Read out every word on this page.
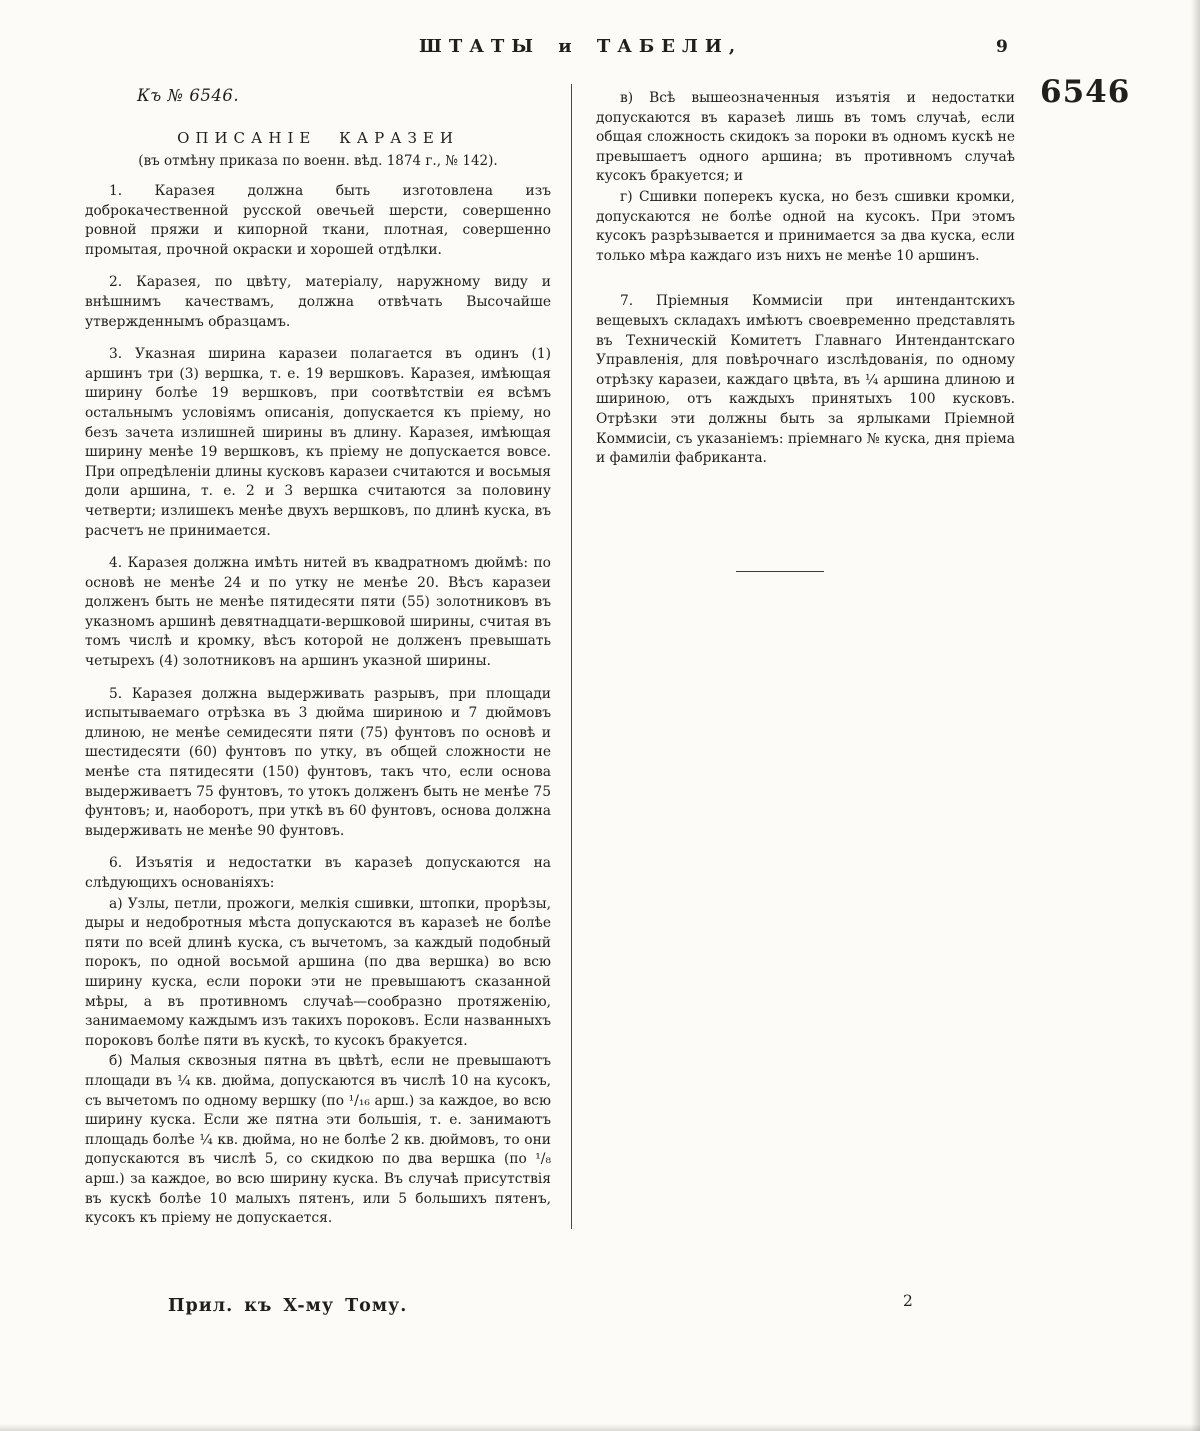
ШТАТЫ и ТАБЕЛИ,	9
6546
Къ № 6546.
ОПИСАНІЕ КАРАЗЕИ
(въ отмѣну приказа по военн. вѣд. 1874 г., № 142).

1. Каразея должна быть изготовлена изъ доброкачественной русской овечьей шерсти, совершенно ровной пряжи и кипорной ткани, плотная, совершенно промытая, прочной окраски и хорошей отдѣлки.

2. Каразея, по цвѣту, матеріалу, наружному виду и внѣшнимъ качествамъ, должна отвѣчать Высочайше утвержденнымъ образцамъ.

3. Указная ширина каразеи полагается въ одинъ (1) аршинъ три (3) вершка, т. е. 19 вершковъ. Каразея, имѣющая ширину болѣе 19 вершковъ, при соотвѣтствіи ея всѣмъ остальнымъ условіямъ описанія, допускается къ пріему, но безъ зачета излишней ширины въ длину. Каразея, имѣющая ширину менѣе 19 вершковъ, къ пріему не допускается вовсе. При опредѣленіи длины кусковъ каразеи считаются и восьмыя доли аршина, т. е. 2 и 3 вершка считаются за половину четверти; излишекъ менѣе двухъ вершковъ, по длинѣ куска, въ расчетъ не принимается.

4. Каразея должна имѣть нитей въ квадратномъ дюймѣ: по основѣ не менѣе 24 и по утку не менѣе 20. Вѣсъ каразеи долженъ быть не менѣе пятидесяти пяти (55) золотниковъ въ указномъ аршинѣ девятнадцати-вершковой ширины, считая въ томъ числѣ и кромку, вѣсъ которой не долженъ превышать четырехъ (4) золотниковъ на аршинъ указной ширины.

5. Каразея должна выдерживать разрывъ, при площади испытываемаго отрѣзка въ 3 дюйма шириною и 7 дюймовъ длиною, не менѣе семидесяти пяти (75) фунтовъ по основѣ и шестидесяти (60) фунтовъ по утку, въ общей сложности не менѣе ста пятидесяти (150) фунтовъ, такъ что, если основа выдерживаетъ 75 фунтовъ, то утокъ долженъ быть не менѣе 75 фунтовъ; и, наоборотъ, при уткѣ въ 60 фунтовъ, основа должна выдерживать не менѣе 90 фунтовъ.

6. Изъятія и недостатки въ каразеѣ допускаются на слѣдующихъ основаніяхъ:

а) Узлы, петли, прожоги, мелкія сшивки, штопки, прорѣзы, дыры и недобротныя мѣста допускаются въ каразеѣ не болѣе пяти по всей длинѣ куска, съ вычетомъ, за каждый подобный порокъ, по одной восьмой аршина (по два вершка) во всю ширину куска, если пороки эти не превышаютъ сказанной мѣры, а въ противномъ случаѣ—сообразно протяженію, занимаемому каждымъ изъ такихъ пороковъ. Если названныхъ пороковъ болѣе пяти въ кускѣ, то кусокъ бракуется.

б) Малыя сквозныя пятна въ цвѣтѣ, если не превышаютъ площади въ ¼ кв. дюйма, допускаются въ числѣ 10 на кусокъ, съ вычетомъ по одному вершку (по ¹/₁₆ арш.) за каждое, во всю ширину куска. Если же пятна эти большія, т. е. занимаютъ площадь болѣе ¼ кв. дюйма, но не болѣе 2 кв. дюймовъ, то они допускаются въ числѣ 5, со скидкою по два вершка (по ¹/₈ арш.) за каждое, во всю ширину куска. Въ случаѣ присутствія въ кускѣ болѣе 10 малыхъ пятенъ, или 5 большихъ пятенъ, кусокъ къ пріему не допускается.

в) Всѣ вышеозначенныя изъятія и недостатки допускаются въ каразеѣ лишь въ томъ случаѣ, если общая сложность скидокъ за пороки въ одномъ кускѣ не превышаетъ одного аршина; въ противномъ случаѣ кусокъ бракуется; и

г) Сшивки поперекъ куска, но безъ сшивки кромки, допускаются не болѣе одной на кусокъ. При этомъ кусокъ разрѣзывается и принимается за два куска, если только мѣра каждаго изъ нихъ не менѣе 10 аршинъ.

7. Пріемныя Коммисіи при интендантскихъ вещевыхъ складахъ имѣютъ своевременно представлять въ Техническій Комитетъ Главнаго Интендантскаго Управленія, для повѣрочнаго изслѣдованія, по одному отрѣзку каразеи, каждаго цвѣта, въ ¼ аршина длиною и шириною, отъ каждыхъ принятыхъ 100 кусковъ. Отрѣзки эти должны быть за ярлыками Пріемной Коммисіи, съ указаніемъ: пріемнаго № куска, дня пріема и фамиліи фабриканта.

Прил. къ X-му Тому.	2
